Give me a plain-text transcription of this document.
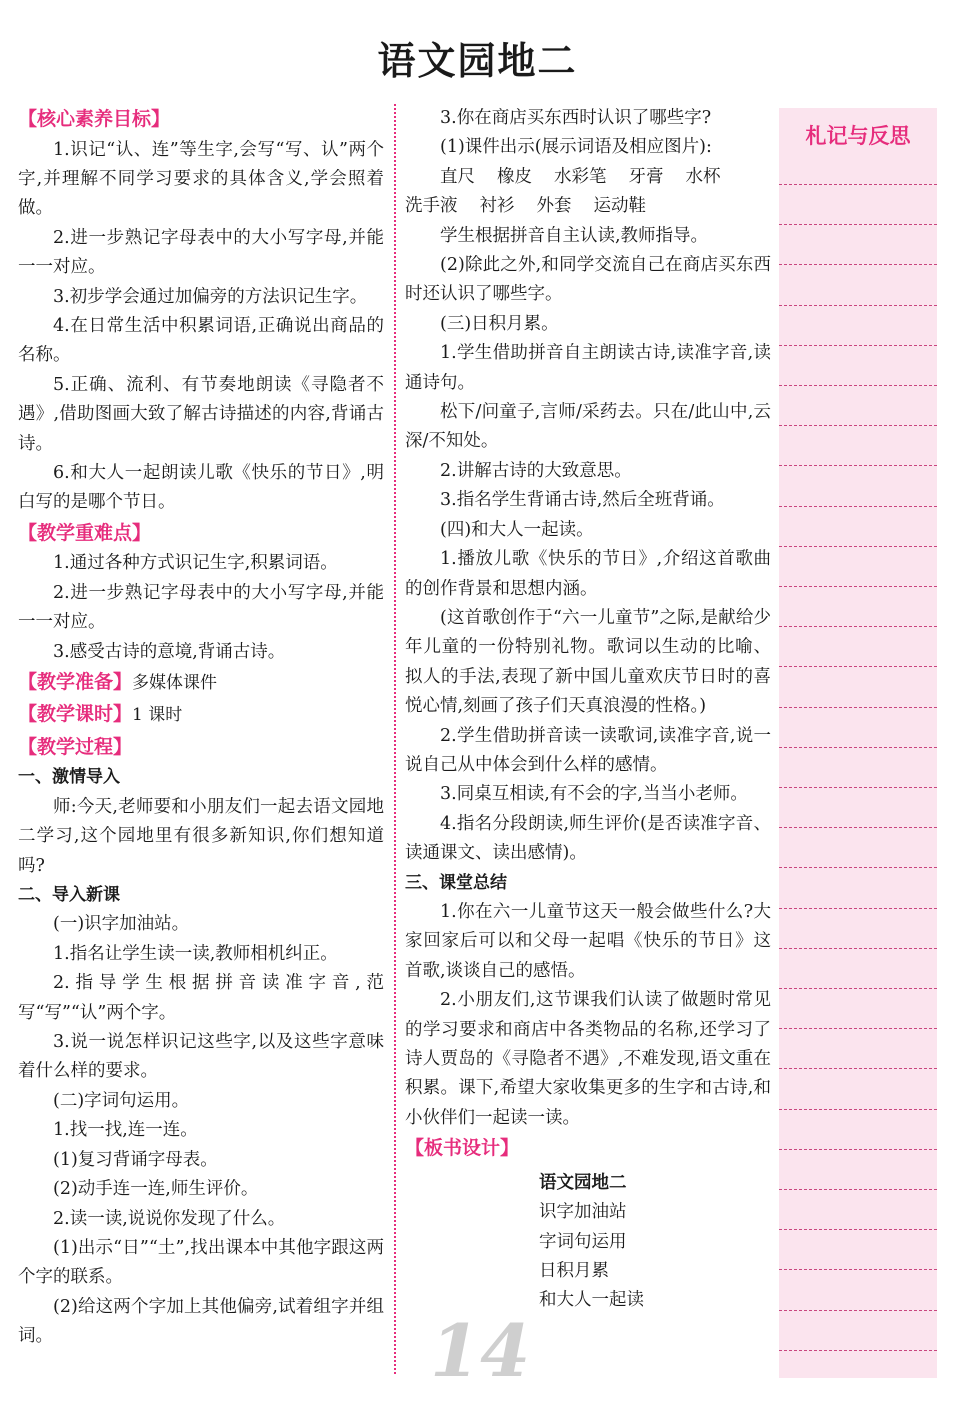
语文园地二
【核心素养目标】
1.识记“认、连”等生字,会写“写、认”两个字,并理解不同学习要求的具体含义,学会照着做。
2.进一步熟记字母表中的大小写字母,并能一一对应。
3.初步学会通过加偏旁的方法识记生字。
4.在日常生活中积累词语,正确说出商品的名称。
5.正确、流利、有节奏地朗读《寻隐者不遇》,借助图画大致了解古诗描述的内容,背诵古诗。
6.和大人一起朗读儿歌《快乐的节日》,明白写的是哪个节日。
【教学重难点】
1.通过各种方式识记生字,积累词语。
2.进一步熟记字母表中的大小写字母,并能一一对应。
3.感受古诗的意境,背诵古诗。
【教学准备】多媒体课件
【教学课时】1 课时
【教学过程】
一、激情导入
师:今天,老师要和小朋友们一起去语文园地二学习,这个园地里有很多新知识,你们想知道吗?
二、导入新课
(一)识字加油站。
1.指名让学生读一读,教师相机纠正。
2.指导学生根据拼音读准字音,范写“写”“认”两个字。
3.说一说怎样识记这些字,以及这些字意味着什么样的要求。
(二)字词句运用。
1.找一找,连一连。
(1)复习背诵字母表。
(2)动手连一连,师生评价。
2.读一读,说说你发现了什么。
(1)出示“日”“土”,找出课本中其他字跟这两个字的联系。
(2)给这两个字加上其他偏旁,试着组字并组词。
3.你在商店买东西时认识了哪些字?
(1)课件出示(展示词语及相应图片):
直尺 橡皮 水彩笔 牙膏 水杯
洗手液 衬衫 外套 运动鞋
学生根据拼音自主认读,教师指导。
(2)除此之外,和同学交流自己在商店买东西时还认识了哪些字。
(三)日积月累。
1.学生借助拼音自主朗读古诗,读准字音,读通诗句。
松下/问童子,言师/采药去。只在/此山中,云深/不知处。
2.讲解古诗的大致意思。
3.指名学生背诵古诗,然后全班背诵。
(四)和大人一起读。
1.播放儿歌《快乐的节日》,介绍这首歌曲的创作背景和思想内涵。
(这首歌创作于“六一儿童节”之际,是献给少年儿童的一份特别礼物。歌词以生动的比喻、拟人的手法,表现了新中国儿童欢庆节日时的喜悦心情,刻画了孩子们天真浪漫的性格。)
2.学生借助拼音读一读歌词,读准字音,说一说自己从中体会到什么样的感情。
3.同桌互相读,有不会的字,当当小老师。
4.指名分段朗读,师生评价(是否读准字音、读通课文、读出感情)。
三、课堂总结
1.你在六一儿童节这天一般会做些什么?大家回家后可以和父母一起唱《快乐的节日》这首歌,谈谈自己的感悟。
2.小朋友们,这节课我们认读了做题时常见的学习要求和商店中各类物品的名称,还学习了诗人贾岛的《寻隐者不遇》,不难发现,语文重在积累。课下,希望大家收集更多的生字和古诗,和小伙伴们一起读一读。
【板书设计】
语文园地二
识字加油站
字词句运用
日积月累
和大人一起读
札记与反思
14
